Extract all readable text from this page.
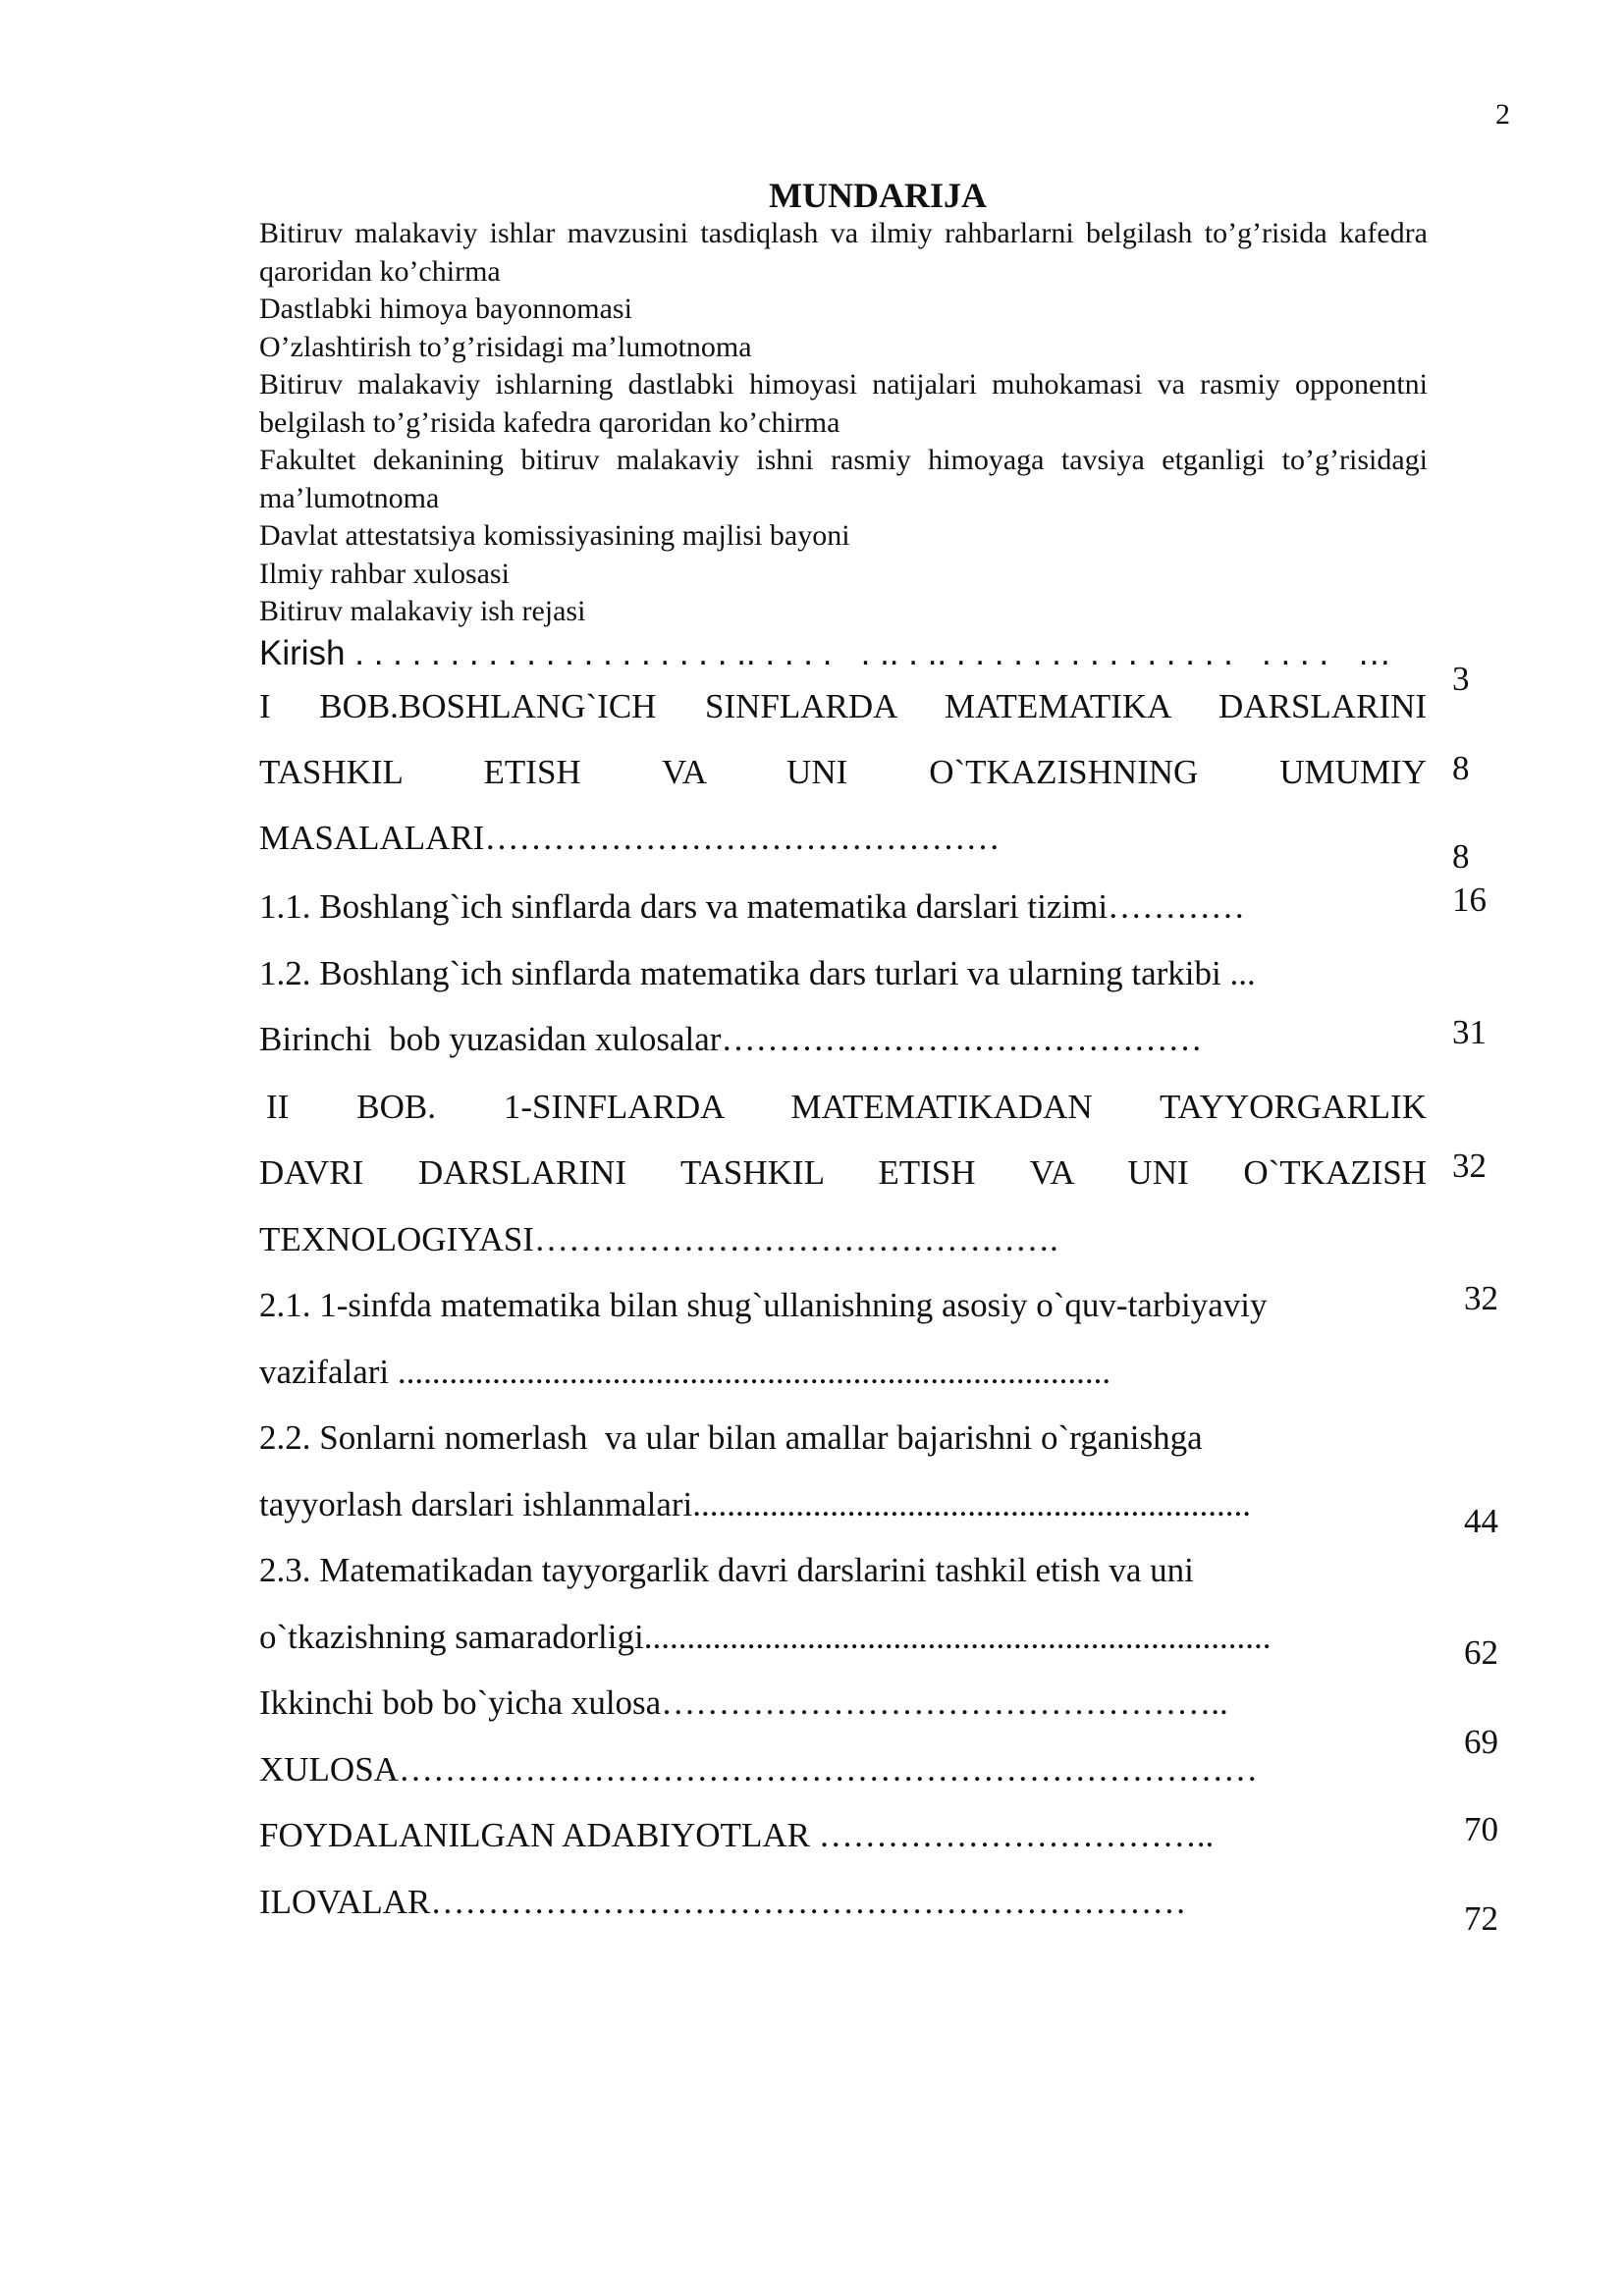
2
MUNDARIJA
Bitiruv malakaviy ishlar mavzusini tasdiqlash va ilmiy rahbarlarni belgilash to’g’risida kafedra qaroridan ko’chirma
Dastlabki himoya bayonnomasi
O’zlashtirish to’g’risidagi ma’lumotnoma
Bitiruv malakaviy ishlarning dastlabki himoyasi natijalari muhokamasi va rasmiy opponentni belgilash to’g’risida kafedra qaroridan ko’chirma
Fakultet dekanining bitiruv malakaviy ishni rasmiy himoyaga tavsiya etganligi to’g’risidagi ma’lumotnoma
Davlat attestatsiya komissiyasining majlisi bayoni
Ilmiy rahbar xulosasi
Bitiruv malakaviy ish rejasi
Kirish . . . . . . . . . . . . . . . . . . . . .. . . . .   . .. . .. . . . . . . . . . . . . . . .   . . . .   …
I BOB.BOSHLANG`ICH SINFLARDA MATEMATIKA DARSLARINI
TASHKIL ETISH VA UNI O`TKAZISHNING UMUMIY
MASALALARI………………………………………
1.1. Boshlang`ich sinflarda dars va matematika darslari tizimi…………
1.2. Boshlang`ich sinflarda matematika dars turlari va ularning tarkibi ...
Birinchi  bob yuzasidan xulosalar……………………………………
II BOB. 1-SINFLARDA MATEMATIKADAN TAYYORGARLIK
DAVRI DARSLARINI TASHKIL ETISH VA UNI O`TKAZISH
TEXNOLOGIYASI……………………………………….
2.1. 1-sinfda matematika bilan shug`ullanishning asosiy o`quv-tarbiyaviy
vazifalari ...................................................................................
2.2. Sonlarni nomerlash  va ular bilan amallar bajarishni o`rganishga
tayyorlash darslari ishlanmalari.................................................................
2.3. Matematikadan tayyorgarlik davri darslarini tashkil etish va uni
o`tkazishning samaradorligi.........................................................................
Ikkinchi bob bo`yicha xulosa…………………………………………..
XULOSA…………………………………………………………………
FOYDALANILGAN ADABIYOTLAR ……………………………..
ILOVALAR…………………………………………………………
3
8
8
16
31
32
32
44
62
69
70
72
